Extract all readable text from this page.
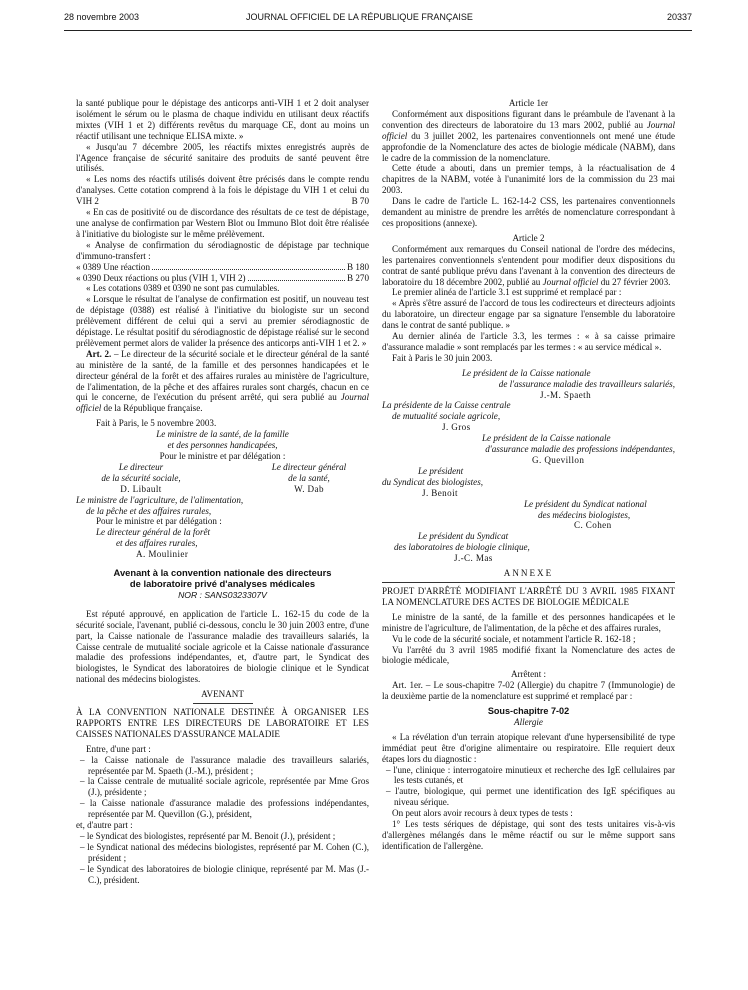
28 novembre 2003	JOURNAL OFFICIEL DE LA RÉPUBLIQUE FRANÇAISE	20337

la santé publique pour le dépistage des anticorps anti-VIH 1 et 2 doit analyser isolément le sérum ou le plasma de chaque individu en utilisant deux réactifs mixtes (VIH 1 et 2) différents revêtus du marquage CE, dont au moins un réactif utilisant une technique ELISA mixte. »

« Jusqu'au 7 décembre 2005, les réactifs mixtes enregistrés auprès de l'Agence française de sécurité sanitaire des produits de santé peuvent être utilisés.

« Les noms des réactifs utilisés doivent être précisés dans le compte rendu d'analyses. Cette cotation comprend à la fois le dépistage du VIH 1 et celui du VIH 2	B 70

« En cas de positivité ou de discordance des résultats de ce test de dépistage, une analyse de confirmation par Western Blot ou Immuno Blot doit être réalisée à l'initiative du biologiste sur le même prélèvement.

« Analyse de confirmation du sérodiagnostic de dépistage par technique d'immuno-transfert :

« 0389 Une réaction	B 180
« 0390 Deux réactions ou plus (VIH 1, VIH 2)	B 270

« Les cotations 0389 et 0390 ne sont pas cumulables.

« Lorsque le résultat de l'analyse de confirmation est positif, un nouveau test de dépistage (0388) est réalisé à l'initiative du biologiste sur un second prélèvement différent de celui qui a servi au premier sérodiagnostic de dépistage. Le résultat positif du sérodiagnostic de dépistage réalisé sur le second prélèvement permet alors de valider la présence des anticorps anti-VIH 1 et 2. »

Art. 2. – Le directeur de la sécurité sociale et le directeur général de la santé au ministère de la santé, de la famille et des personnes handicapées et le directeur général de la forêt et des affaires rurales au ministère de l'agriculture, de l'alimentation, de la pêche et des affaires rurales sont chargés, chacun en ce qui le concerne, de l'exécution du présent arrêté, qui sera publié au Journal officiel de la République française.

Fait à Paris, le 5 novembre 2003.

Le ministre de la santé, de la famille

et des personnes handicapées,

Pour le ministre et par délégation :

Le directeur

de la sécurité sociale,

D. Libault

Le directeur général

de la santé,

W. Dab

Le ministre de l'agriculture, de l'alimentation,

de la pêche et des affaires rurales,

Pour le ministre et par délégation :

Le directeur général de la forêt

et des affaires rurales,

A. Moulinier

Avenant à la convention nationale des directeurs

de laboratoire privé d'analyses médicales

NOR : SANS0323307V

Est réputé approuvé, en application de l'article L. 162-15 du code de la sécurité sociale, l'avenant, publié ci-dessous, conclu le 30 juin 2003 entre, d'une part, la Caisse nationale de l'assurance maladie des travailleurs salariés, la Caisse centrale de mutualité sociale agricole et la Caisse nationale d'assurance maladie des professions indépendantes, et, d'autre part, le Syndicat des biologistes, le Syndicat des laboratoires de biologie clinique et le Syndicat national des médecins biologistes.

AVENANT

À LA CONVENTION NATIONALE DESTINÉE À ORGANISER LES RAPPORTS ENTRE LES DIRECTEURS DE LABORATOIRE ET LES CAISSES NATIONALES D'ASSURANCE MALADIE

Entre, d'une part :

– la Caisse nationale de l'assurance maladie des travailleurs salariés, représentée par M. Spaeth (J.-M.), président ;

– la Caisse centrale de mutualité sociale agricole, représentée par Mme Gros (J.), présidente ;

– la Caisse nationale d'assurance maladie des professions indépendantes, représentée par M. Quevillon (G.), président,

et, d'autre part :

– le Syndicat des biologistes, représenté par M. Benoit (J.), président ;

– le Syndicat national des médecins biologistes, représenté par M. Cohen (C.), président ;

– le Syndicat des laboratoires de biologie clinique, représenté par M. Mas (J.-C.), président.

Article 1er

Conformément aux dispositions figurant dans le préambule de l'avenant à la convention des directeurs de laboratoire du 13 mars 2002, publié au Journal officiel du 3 juillet 2002, les partenaires conventionnels ont mené une étude approfondie de la Nomenclature des actes de biologie médicale (NABM), dans le cadre de la commission de la nomenclature.

Cette étude a abouti, dans un premier temps, à la réactualisation de 4 chapitres de la NABM, votée à l'unanimité lors de la commission du 23 mai 2003.

Dans le cadre de l'article L. 162-14-2 CSS, les partenaires conventionnels demandent au ministre de prendre les arrêtés de nomenclature correspondant à ces propositions (annexe).

Article 2

Conformément aux remarques du Conseil national de l'ordre des médecins, les partenaires conventionnels s'entendent pour modifier deux dispositions du contrat de santé publique prévu dans l'avenant à la convention des directeurs de laboratoire du 18 décembre 2002, publié au Journal officiel du 27 février 2003.

Le premier alinéa de l'article 3.1 est supprimé et remplacé par :

« Après s'être assuré de l'accord de tous les codirecteurs et directeurs adjoints du laboratoire, un directeur engage par sa signature l'ensemble du laboratoire dans le contrat de santé publique. »

Au dernier alinéa de l'article 3.3, les termes : « à sa caisse primaire d'assurance maladie » sont remplacés par les termes : « au service médical ».

Fait à Paris le 30 juin 2003.

Le président de la Caisse nationale

de l'assurance maladie des travailleurs salariés,

J.-M. Spaeth

La présidente de la Caisse centrale

de mutualité sociale agricole,

J. Gros

Le président de la Caisse nationale

d'assurance maladie des professions indépendantes,

G. Quevillon

Le président

du Syndicat des biologistes,

J. Benoit

Le président du Syndicat national

des médecins biologistes,

C. Cohen

Le président du Syndicat

des laboratoires de biologie clinique,

J.-C. Mas

ANNEXE

PROJET D'ARRÊTÉ MODIFIANT L'ARRÊTÉ DU 3 AVRIL 1985 FIXANT LA NOMENCLATURE DES ACTES DE BIOLOGIE MÉDICALE

Le ministre de la santé, de la famille et des personnes handicapées et le ministre de l'agriculture, de l'alimentation, de la pêche et des affaires rurales,

Vu le code de la sécurité sociale, et notamment l'article R. 162-18 ;

Vu l'arrêté du 3 avril 1985 modifié fixant la Nomenclature des actes de biologie médicale,

Arrêtent :

Art. 1er. – Le sous-chapitre 7-02 (Allergie) du chapitre 7 (Immunologie) de la deuxième partie de la nomenclature est supprimé et remplacé par :

Sous-chapitre 7-02

Allergie

« La révélation d'un terrain atopique relevant d'une hypersensibilité de type immédiat peut être d'origine alimentaire ou respiratoire. Elle requiert deux étapes lors du diagnostic :

– l'une, clinique : interrogatoire minutieux et recherche des IgE cellulaires par les tests cutanés, et

– l'autre, biologique, qui permet une identification des IgE spécifiques au niveau sérique.

On peut alors avoir recours à deux types de tests :

1° Les tests sériques de dépistage, qui sont des tests unitaires vis-à-vis d'allergènes mélangés dans le même réactif ou sur le même support sans identification de l'allergène.
